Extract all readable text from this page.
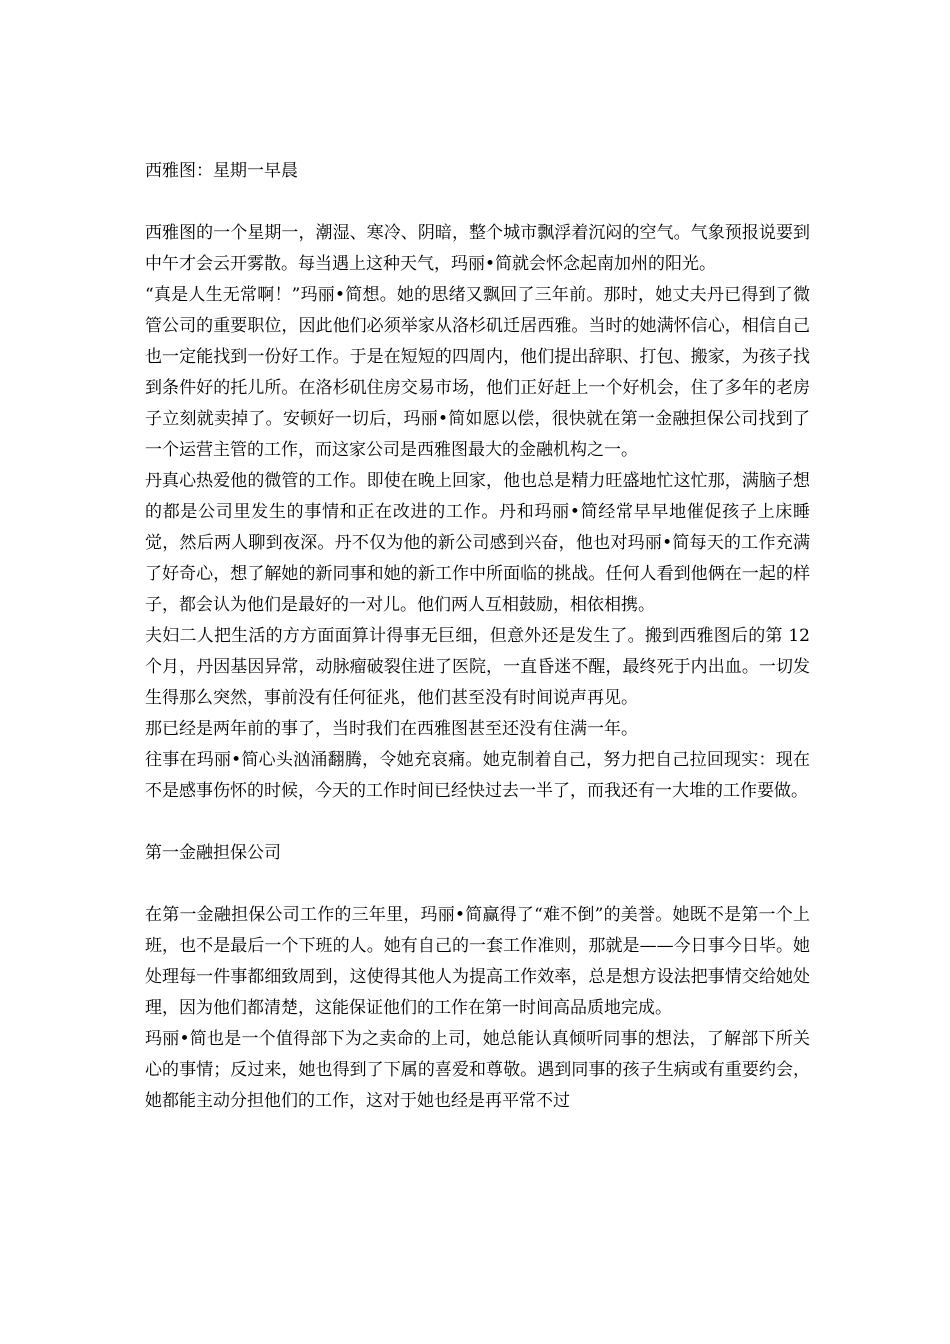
西雅图：星期一早晨

西雅图的一个星期一，潮湿、寒冷、阴暗，整个城市飘浮着沉闷的空气。气象预报说要到中午才会云开雾散。每当遇上这种天气，玛丽•简就会怀念起南加州的阳光。

“真是人生无常啊！”玛丽•简想。她的思绪又飘回了三年前。那时，她丈夫丹已得到了微管公司的重要职位，因此他们必须举家从洛杉矶迁居西雅。当时的她满怀信心，相信自己也一定能找到一份好工作。于是在短短的四周内，他们提出辞职、打包、搬家，为孩子找到条件好的托儿所。在洛杉矶住房交易市场，他们正好赶上一个好机会，住了多年的老房子立刻就卖掉了。安顿好一切后，玛丽•简如愿以偿，很快就在第一金融担保公司找到了一个运营主管的工作，而这家公司是西雅图最大的金融机构之一。

丹真心热爱他的微管的工作。即使在晚上回家，他也总是精力旺盛地忙这忙那，满脑子想的都是公司里发生的事情和正在改进的工作。丹和玛丽•简经常早早地催促孩子上床睡觉，然后两人聊到夜深。丹不仅为他的新公司感到兴奋，他也对玛丽•简每天的工作充满了好奇心，想了解她的新同事和她的新工作中所面临的挑战。任何人看到他俩在一起的样子，都会认为他们是最好的一对儿。他们两人互相鼓励，相依相携。

夫妇二人把生活的方方面面算计得事无巨细，但意外还是发生了。搬到西雅图后的第 12 个月，丹因基因异常，动脉瘤破裂住进了医院，一直昏迷不醒，最终死于内出血。一切发生得那么突然，事前没有任何征兆，他们甚至没有时间说声再见。

那已经是两年前的事了，当时我们在西雅图甚至还没有住满一年。

往事在玛丽•简心头汹涌翻腾，令她充哀痛。她克制着自己，努力把自己拉回现实：现在不是感事伤怀的时候，今天的工作时间已经快过去一半了，而我还有一大堆的工作要做。

第一金融担保公司

在第一金融担保公司工作的三年里，玛丽•简赢得了“难不倒”的美誉。她既不是第一个上班，也不是最后一个下班的人。她有自己的一套工作准则，那就是——今日事今日毕。她处理每一件事都细致周到，这使得其他人为提高工作效率，总是想方设法把事情交给她处理，因为他们都清楚，这能保证他们的工作在第一时间高品质地完成。

玛丽•简也是一个值得部下为之卖命的上司，她总能认真倾听同事的想法，了解部下所关心的事情；反过来，她也得到了下属的喜爱和尊敬。遇到同事的孩子生病或有重要约会，她都能主动分担他们的工作，这对于她也经是再平常不过
